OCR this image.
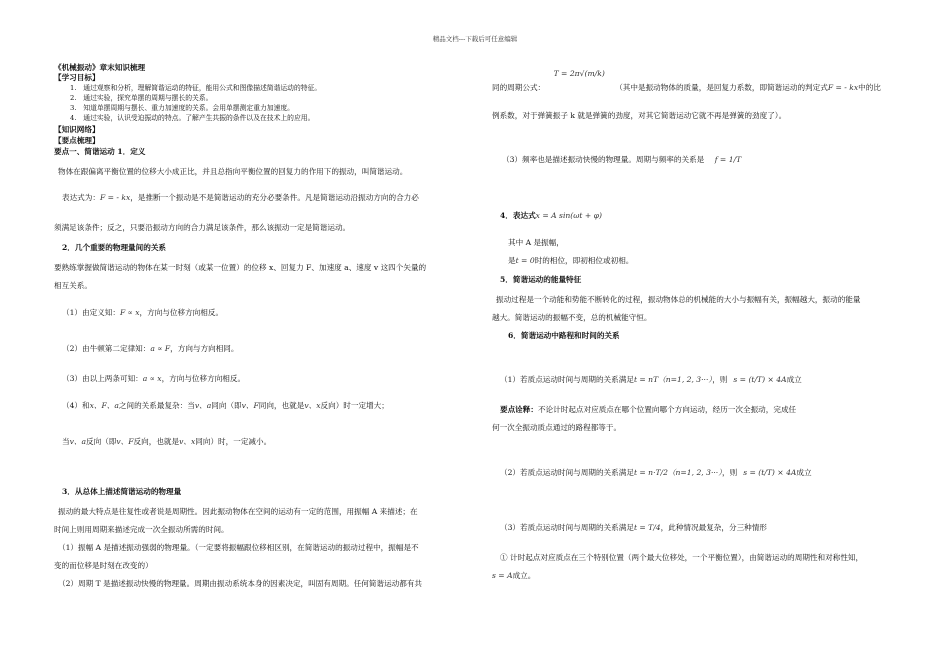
精品文档---下载后可任意编辑
《机械振动》章末知识梳理
【学习目标】
1.　通过观察和分析，理解简谐运动的特征，能用公式和图像描述简谐运动的特征。
2.　通过实验，探究单摆的周期与摆长的关系。
3.　知道单摆周期与摆长、重力加速度的关系。会用单摆测定重力加速度。
4.　通过实验，认识受迫振动的特点。了解产生共振的条件以及在技术上的应用。
【知识网络】
【要点梳理】
要点一、简谐运动 1．定义
物体在跟偏离平衡位置的位移大小成正比，并且总指向平衡位置的回复力的作用下的振动，叫简谐运动。
表达式为：F = - kx，是推断一个振动是不是简谐运动的充分必要条件。凡是简谐运动沿振动方向的合力必
须满足该条件；反之，只要沿振动方向的合力满足该条件，那么该振动一定是简谐运动。
2．几个重要的物理量间的关系
要熟练掌握做简谐运动的物体在某一时刻（或某一位置）的位移 x、回复力 F、加速度 a、速度 v 这四个矢量的
相互关系。
（1）由定义知：F ∝ x，方向与位移方向相反。
（2）由牛顿第二定律知：a ∝ F，方向与方向相同。
（3）由以上两条可知：a ∝ x，方向与位移方向相反。
（4）和x、F、a之间的关系最复杂：当v、a同向（即v、F同向，也就是v、x反向）时一定增大；
当v、a反向（即v、F反向，也就是v、x同向）时，一定减小。
3．从总体上描述简谐运动的物理量
振动的最大特点是往复性或者说是周期性。因此振动物体在空间的运动有一定的范围，用振幅 A 来描述；在
时间上则用周期来描述完成一次全振动所需的时间。
（1）振幅 A 是描述振动强弱的物理量。（一定要将振幅跟位移相区别，在简谐运动的振动过程中，振幅是不
变的而位移是时刻在改变的）
（2）周期 T 是描述振动快慢的物理量。周期由振动系统本身的因素决定，叫固有周期。任何简谐运动都有共
同的周期公式： T = 2π√(m/k) （其中是振动物体的质量，是回复力系数，即简谐运动的判定式F = - kx中的比
例系数，对于弹簧振子 k 就是弹簧的劲度，对其它简谐运动它就不再是弹簧的劲度了）。
（3）频率也是描述振动快慢的物理量。周期与频率的关系是 f = 1/T
4．表达式x = A sin(ωt + φ)
其中 A 是振幅，
是t = 0时的相位，即初相位或初相。
5．简谐运动的能量特征
振动过程是一个动能和势能不断转化的过程，振动物体总的机械能的大小与振幅有关，振幅越大，振动的能量
越大。简谐运动的振幅不变，总的机械能守恒。
6．简谐运动中路程和时间的关系
（1）若质点运动时间与周期的关系满足t = nT（n=1, 2, 3···），则 s = (t/T) × 4A成立
要点诠释：不论计时起点对应质点在哪个位置向哪个方向运动，经历一次全振动，完成任
何一次全振动质点通过的路程都等于。
（2）若质点运动时间与周期的关系满足t = n·T/2（n=1, 2, 3···），则 s = (t/T) × 4A成立
（3）若质点运动时间与周期的关系满足t = T/4，此种情况最复杂，分三种情形
① 计时起点对应质点在三个特别位置（两个最大位移处，一个平衡位置），由简谐运动的周期性和对称性知，
s = A成立。
